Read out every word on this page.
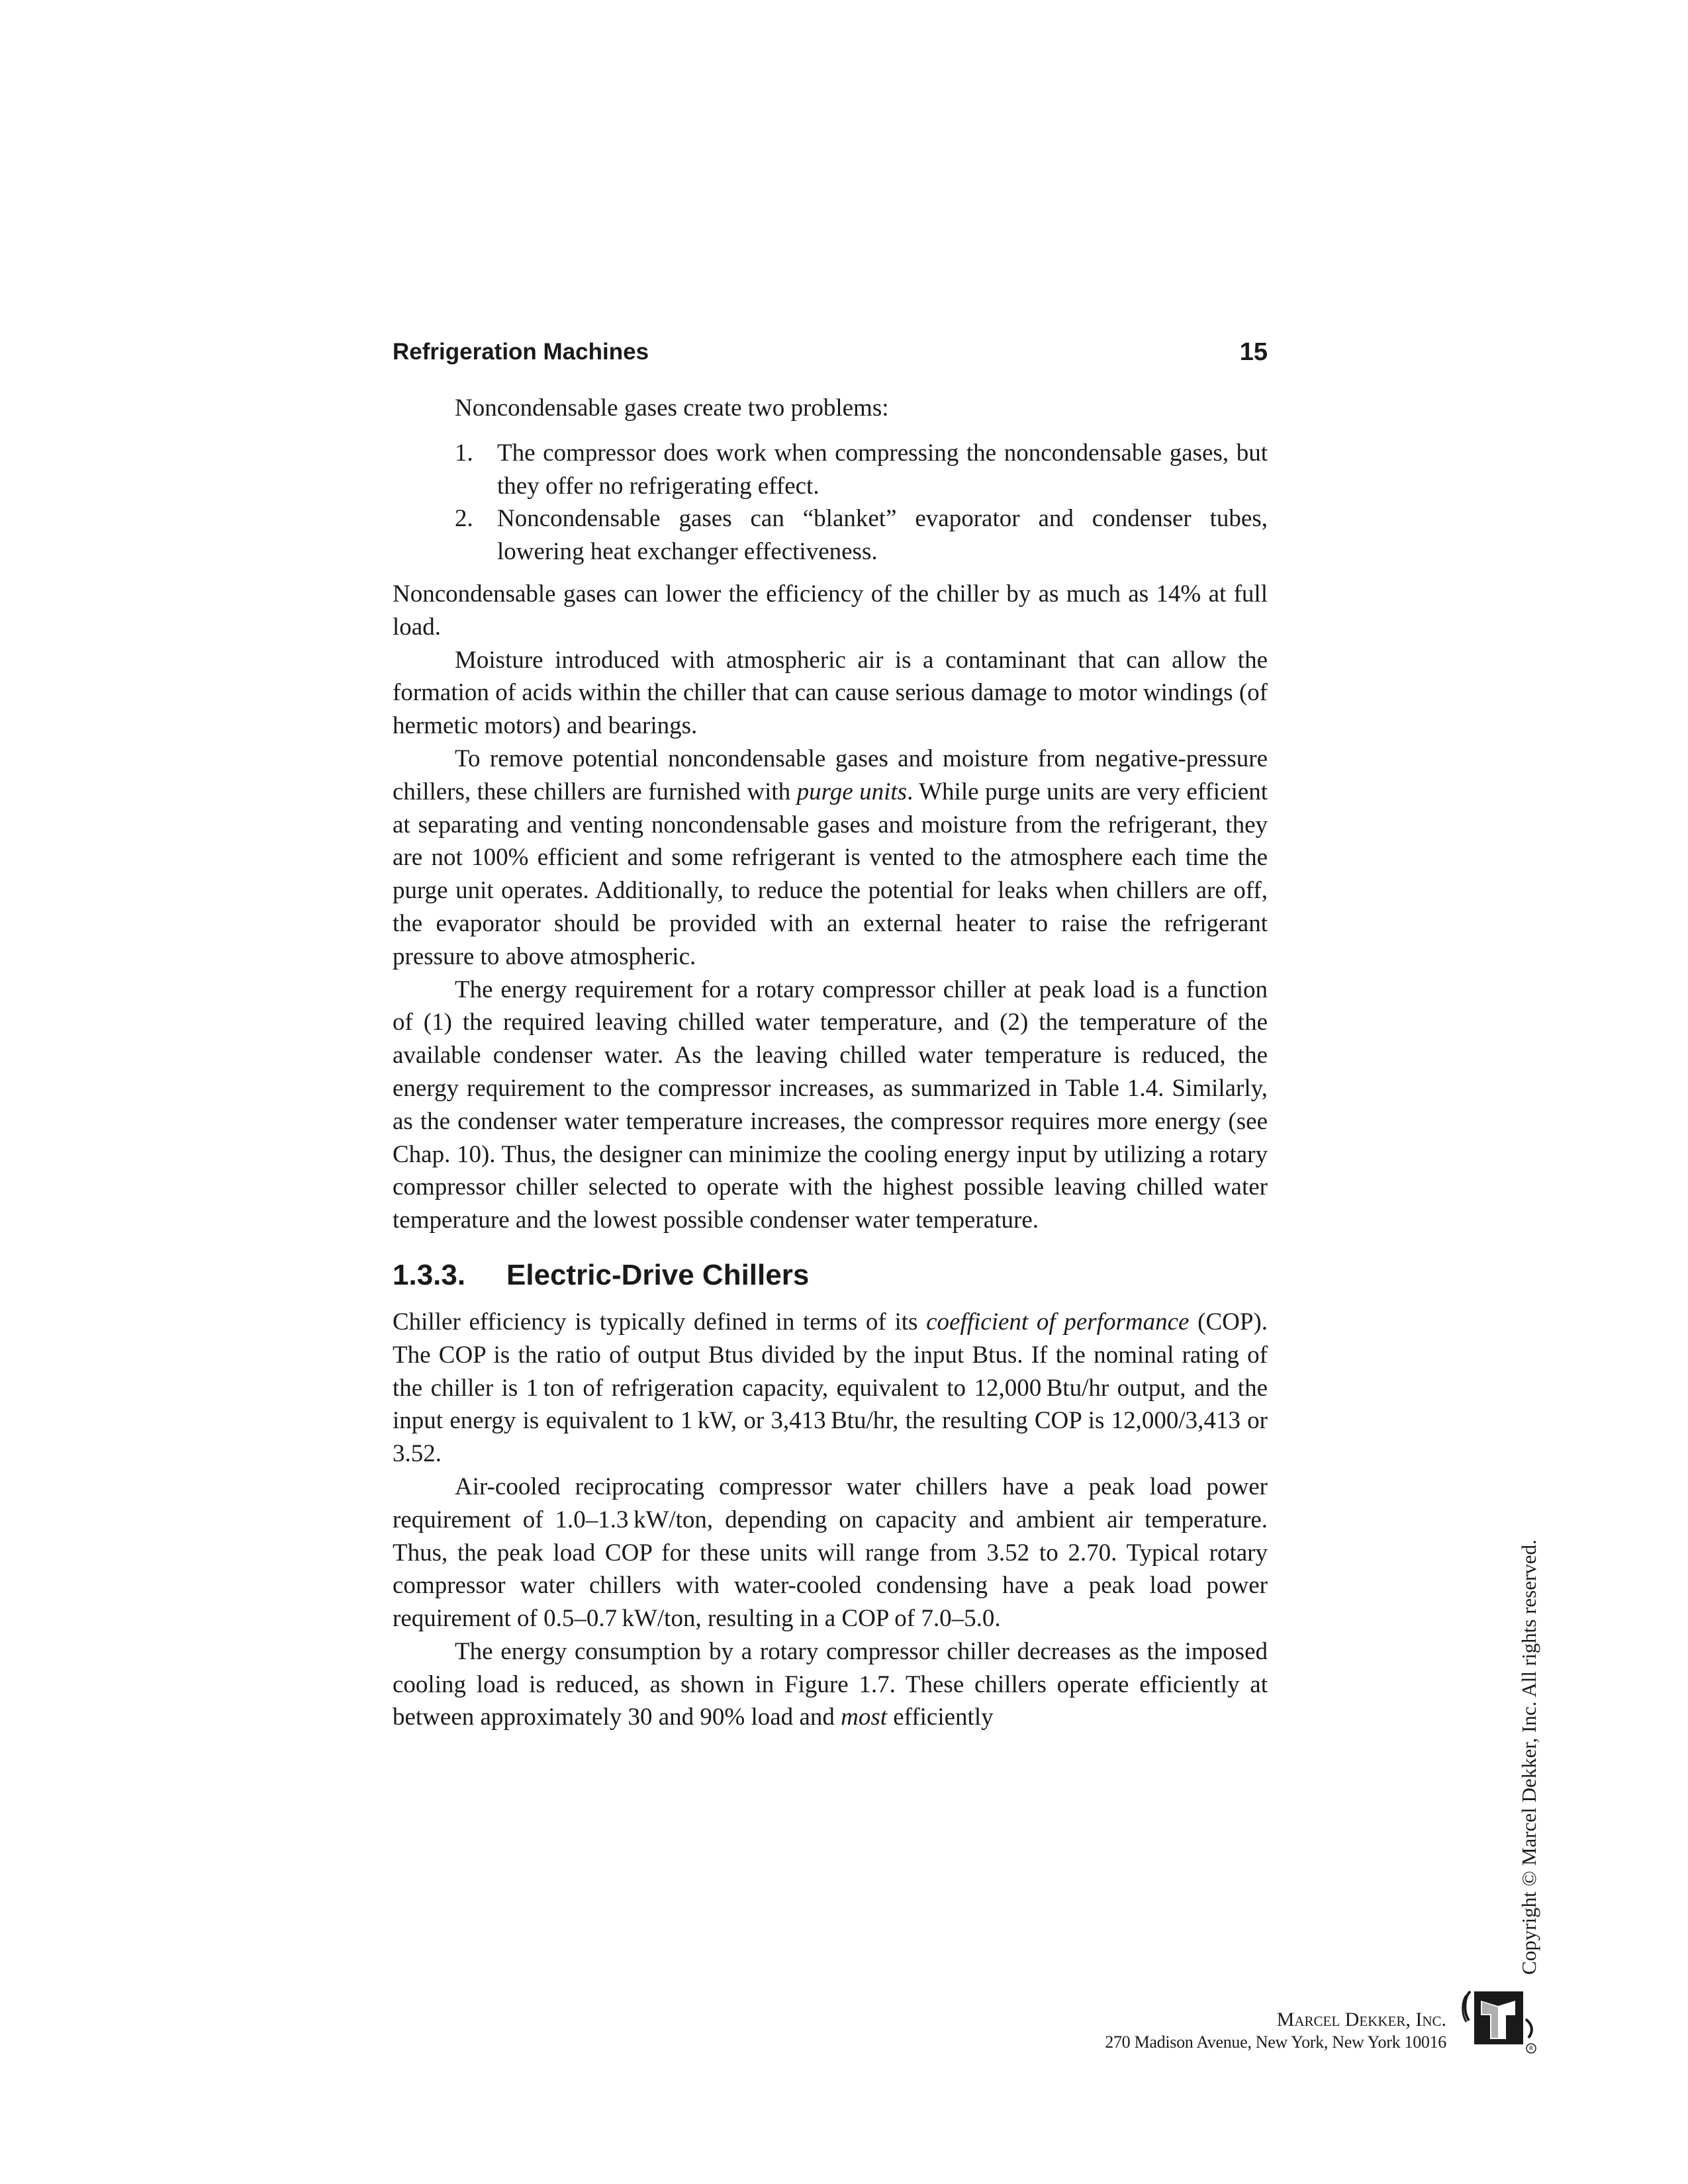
Refrigeration Machines	15

Noncondensable gases create two problems:

1. The compressor does work when compressing the noncondensable gases, but they offer no refrigerating effect.
2. Noncondensable gases can “blanket” evaporator and condenser tubes, lowering heat exchanger effectiveness.

Noncondensable gases can lower the efficiency of the chiller by as much as 14% at full load.

Moisture introduced with atmospheric air is a contaminant that can allow the formation of acids within the chiller that can cause serious damage to motor windings (of hermetic motors) and bearings.

To remove potential noncondensable gases and moisture from negative-pressure chillers, these chillers are furnished with purge units. While purge units are very efficient at separating and venting noncondensable gases and moisture from the refrigerant, they are not 100% efficient and some refrigerant is vented to the atmosphere each time the purge unit operates. Additionally, to reduce the potential for leaks when chillers are off, the evaporator should be provided with an external heater to raise the refrigerant pressure to above atmospheric.

The energy requirement for a rotary compressor chiller at peak load is a function of (1) the required leaving chilled water temperature, and (2) the temperature of the available condenser water. As the leaving chilled water temperature is reduced, the energy requirement to the compressor increases, as summarized in Table 1.4. Similarly, as the condenser water temperature increases, the compressor requires more energy (see Chap. 10). Thus, the designer can minimize the cooling energy input by utilizing a rotary compressor chiller selected to operate with the highest possible leaving chilled water temperature and the lowest possible condenser water temperature.

1.3.3. Electric-Drive Chillers

Chiller efficiency is typically defined in terms of its coefficient of performance (COP). The COP is the ratio of output Btus divided by the input Btus. If the nominal rating of the chiller is 1 ton of refrigeration capacity, equivalent to 12,000 Btu/hr output, and the input energy is equivalent to 1 kW, or 3,413 Btu/hr, the resulting COP is 12,000/3,413 or 3.52.

Air-cooled reciprocating compressor water chillers have a peak load power requirement of 1.0–1.3 kW/ton, depending on capacity and ambient air temperature. Thus, the peak load COP for these units will range from 3.52 to 2.70. Typical rotary compressor water chillers with water-cooled condensing have a peak load power requirement of 0.5–0.7 kW/ton, resulting in a COP of 7.0–5.0.

The energy consumption by a rotary compressor chiller decreases as the imposed cooling load is reduced, as shown in Figure 1.7. These chillers operate efficiently at between approximately 30 and 90% load and most efficiently	Copyright © Marcel Dekker, Inc. All rights reserved.
Marcel Dekker, Inc.
270 Madison Avenue, New York, New York 10016	R
